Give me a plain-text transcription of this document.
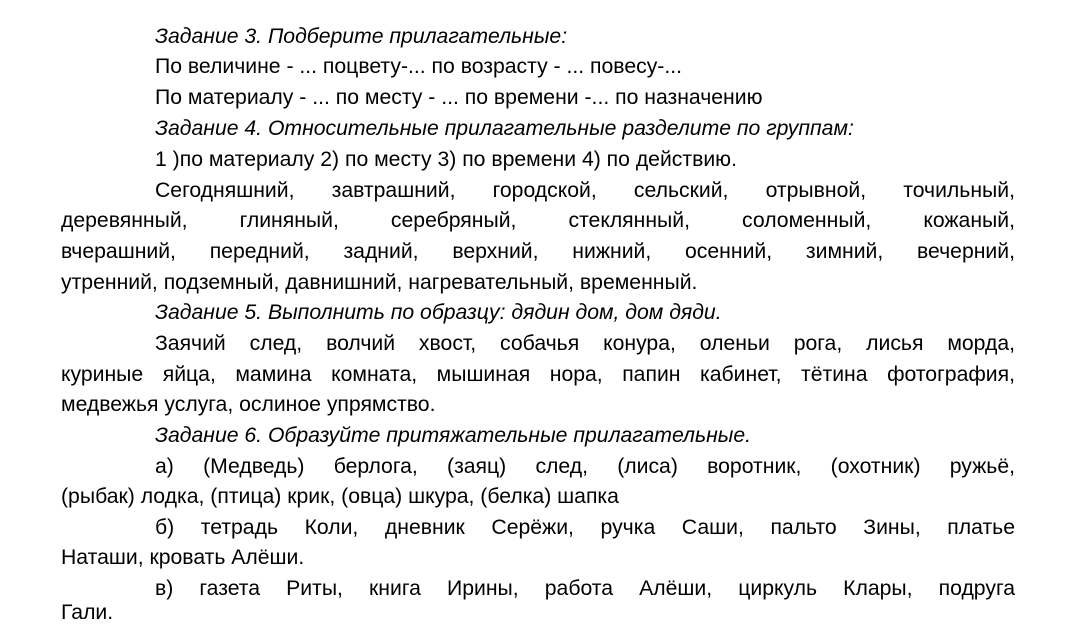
Задание 3. Подберите прилагательные:
По величине - ... поцвету-... по возрасту - ... повесу-...
По материалу - ... по месту - ... по времени -... по назначению
Задание 4. Относительные прилагательные разделите по группам:
1 )по материалу 2) по месту 3) по времени 4) по действию.
Сегодняшний, завтрашний, городской, сельский, отрывной, точильный,
деревянный, глиняный, серебряный, стеклянный, соломенный, кожаный,
вчерашний, передний, задний, верхний, нижний, осенний, зимний, вечерний,
утренний, подземный, давнишний, нагревательный, временный.
Задание 5. Выполнить по образцу: дядин дом, дом дяди.
Заячий след, волчий хвост, собачья конура, оленьи рога, лисья морда,
куриные яйца, мамина комната, мышиная нора, папин кабинет, тётина фотография,
медвежья услуга, ослиное упрямство.
Задание 6. Образуйте притяжательные прилагательные.
а) (Медведь) берлога, (заяц) след, (лиса) воротник, (охотник) ружьё,
(рыбак) лодка, (птица) крик, (овца) шкура, (белка) шапка
б) тетрадь Коли, дневник Серёжи, ручка Саши, пальто Зины, платье
Наташи, кровать Алёши.
в) газета Риты, книга Ирины, работа Алёши, циркуль Клары, подруга
Гали.
